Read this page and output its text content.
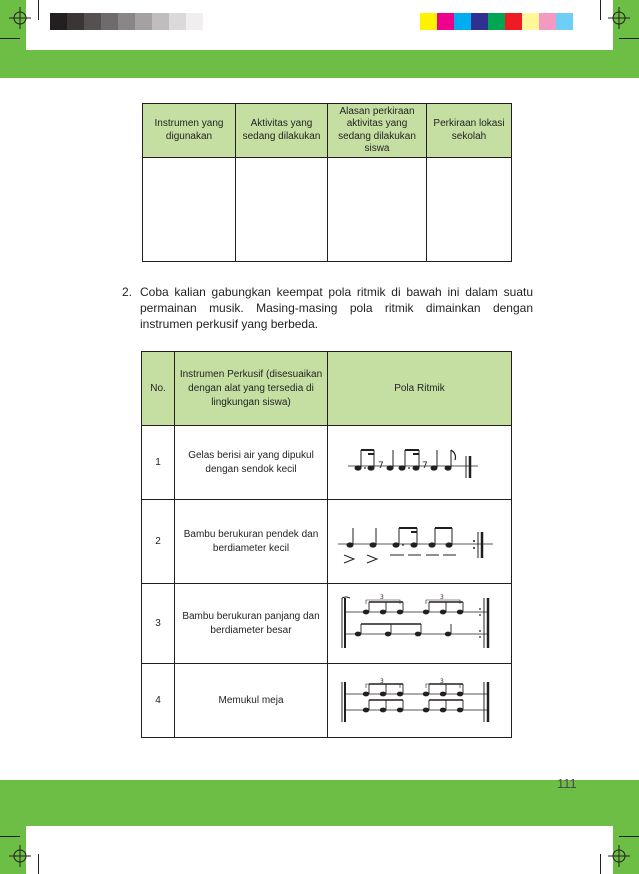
Instrumen yang digunakan	Aktivitas yang sedang dilakukan	Alasan perkiraan aktivitas yang sedang dilakukan siswa	Perkiraan lokasi sekolah

2. Coba kalian gabungkan keempat pola ritmik di bawah ini dalam suatu permainan musik. Masing-masing pola ritmik dimainkan dengan instrumen perkusif yang berbeda.
No.	Instrumen Perkusif (disesuaikan dengan alat yang tersedia di lingkungan siswa)	Pola Ritmik
1	Gelas berisi air yang dipukul dengan sendok kecil	7 7

2	Bambu berukuran pendek dan berdiameter kecil	

3	Bambu berukuran panjang dan berdiameter besar	3 3

4	Memukul meja	3 3
Seni Budaya	111
